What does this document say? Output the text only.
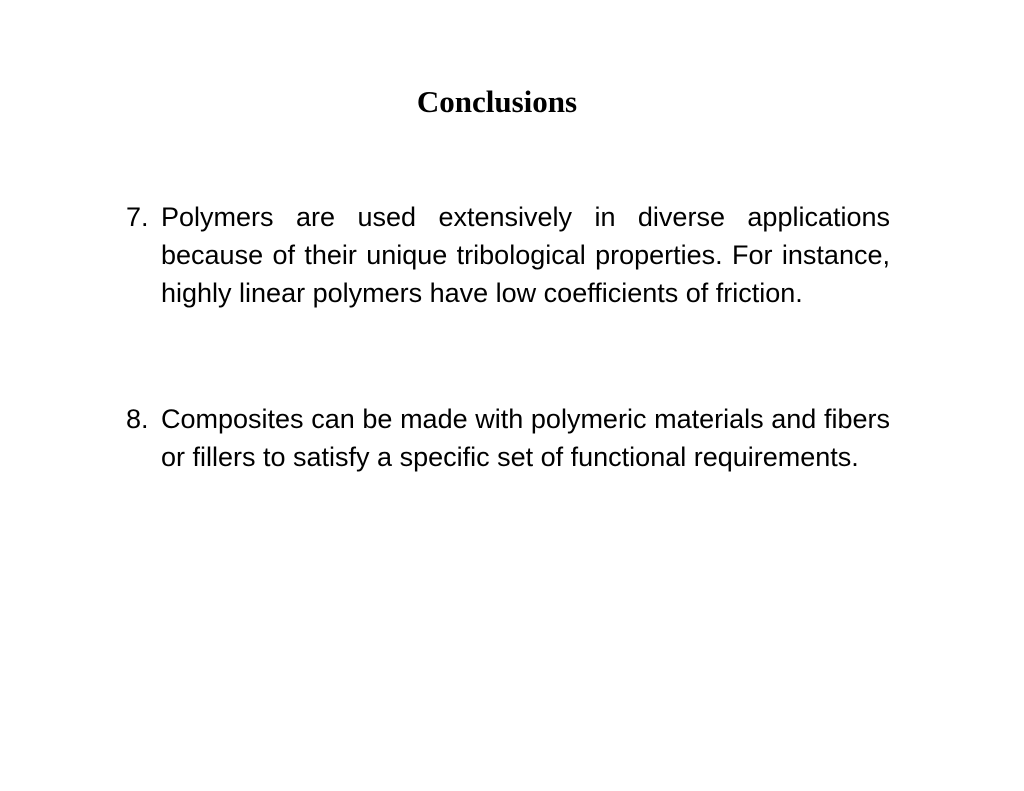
Conclusions
7. Polymers are used extensively in diverse applications because of their unique tribological properties. For instance, highly linear polymers have low coefficients of friction.
8. Composites can be made with polymeric materials and fibers or fillers to satisfy a specific set of functional requirements.
